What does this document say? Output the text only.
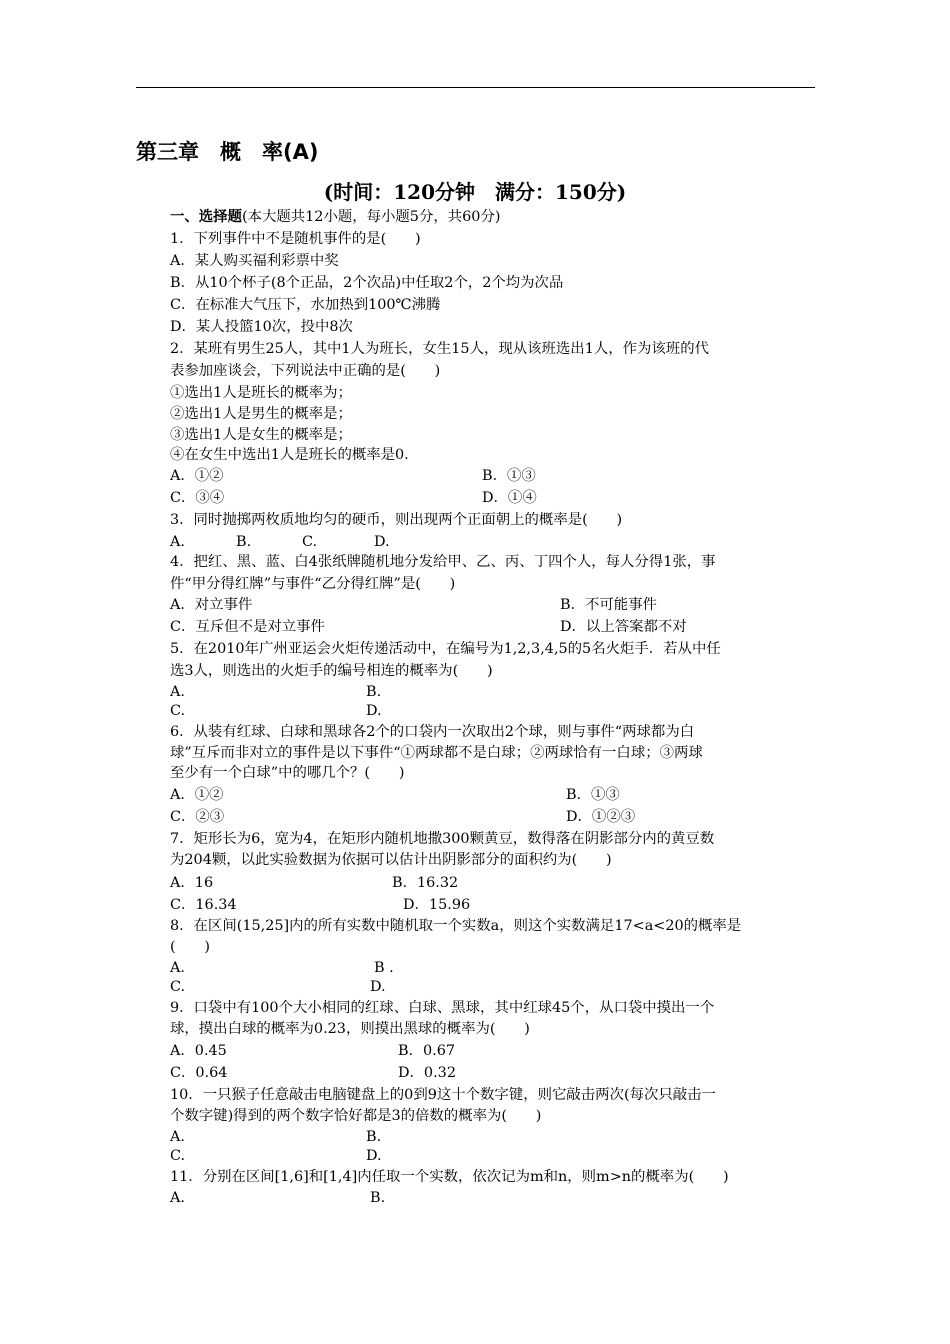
第三章　概　率(A)
(时间：120分钟　满分：150分)
一、选择题(本大题共12小题，每小题5分，共60分)
1．下列事件中不是随机事件的是(　　)
A．某人购买福利彩票中奖
B．从10个杯子(8个正品，2个次品)中任取2个，2个均为次品
C．在标准大气压下，水加热到100℃沸腾
D．某人投篮10次，投中8次
2．某班有男生25人，其中1人为班长，女生15人，现从该班选出1人，作为该班的代
表参加座谈会，下列说法中正确的是(　　)
①选出1人是班长的概率为；
②选出1人是男生的概率是；
③选出1人是女生的概率是；
④在女生中选出1人是班长的概率是0.
A．①②	B．①③
C．③④	D．①④
3．同时抛掷两枚质地均匀的硬币，则出现两个正面朝上的概率是(　　)
A.	B.	C.	D.
4．把红、黑、蓝、白4张纸牌随机地分发给甲、乙、丙、丁四个人，每人分得1张，事
件“甲分得红牌”与事件“乙分得红牌”是(　　)
A．对立事件	B．不可能事件
C．互斥但不是对立事件	D．以上答案都不对
5．在2010年广州亚运会火炬传递活动中，在编号为1,2,3,4,5的5名火炬手．若从中任
选3人，则选出的火炬手的编号相连的概率为(　　)
A.	B.
C.	D.
6．从装有红球、白球和黑球各2个的口袋内一次取出2个球，则与事件“两球都为白
球”互斥而非对立的事件是以下事件“①两球都不是白球；②两球恰有一白球；③两球
至少有一个白球”中的哪几个？(　　)
A．①②	B．①③
C．②③	D．①②③
7．矩形长为6，宽为4，在矩形内随机地撒300颗黄豆，数得落在阴影部分内的黄豆数
为204颗，以此实验数据为依据可以估计出阴影部分的面积约为(　　)
A．16	B．16.32
C．16.34	D．15.96
8．在区间(15,25]内的所有实数中随机取一个实数a，则这个实数满足17<a<20的概率是
(　　)
A.	B .
C.	D.
9．口袋中有100个大小相同的红球、白球、黑球，其中红球45个，从口袋中摸出一个
球，摸出白球的概率为0.23，则摸出黑球的概率为(　　)
A．0.45	B．0.67
C．0.64	D．0.32
10．一只猴子任意敲击电脑键盘上的0到9这十个数字键，则它敲击两次(每次只敲击一
个数字键)得到的两个数字恰好都是3的倍数的概率为(　　)
A.	B.
C.	D.
11．分别在区间[1,6]和[1,4]内任取一个实数，依次记为m和n，则m>n的概率为(　　)
A.	B.
